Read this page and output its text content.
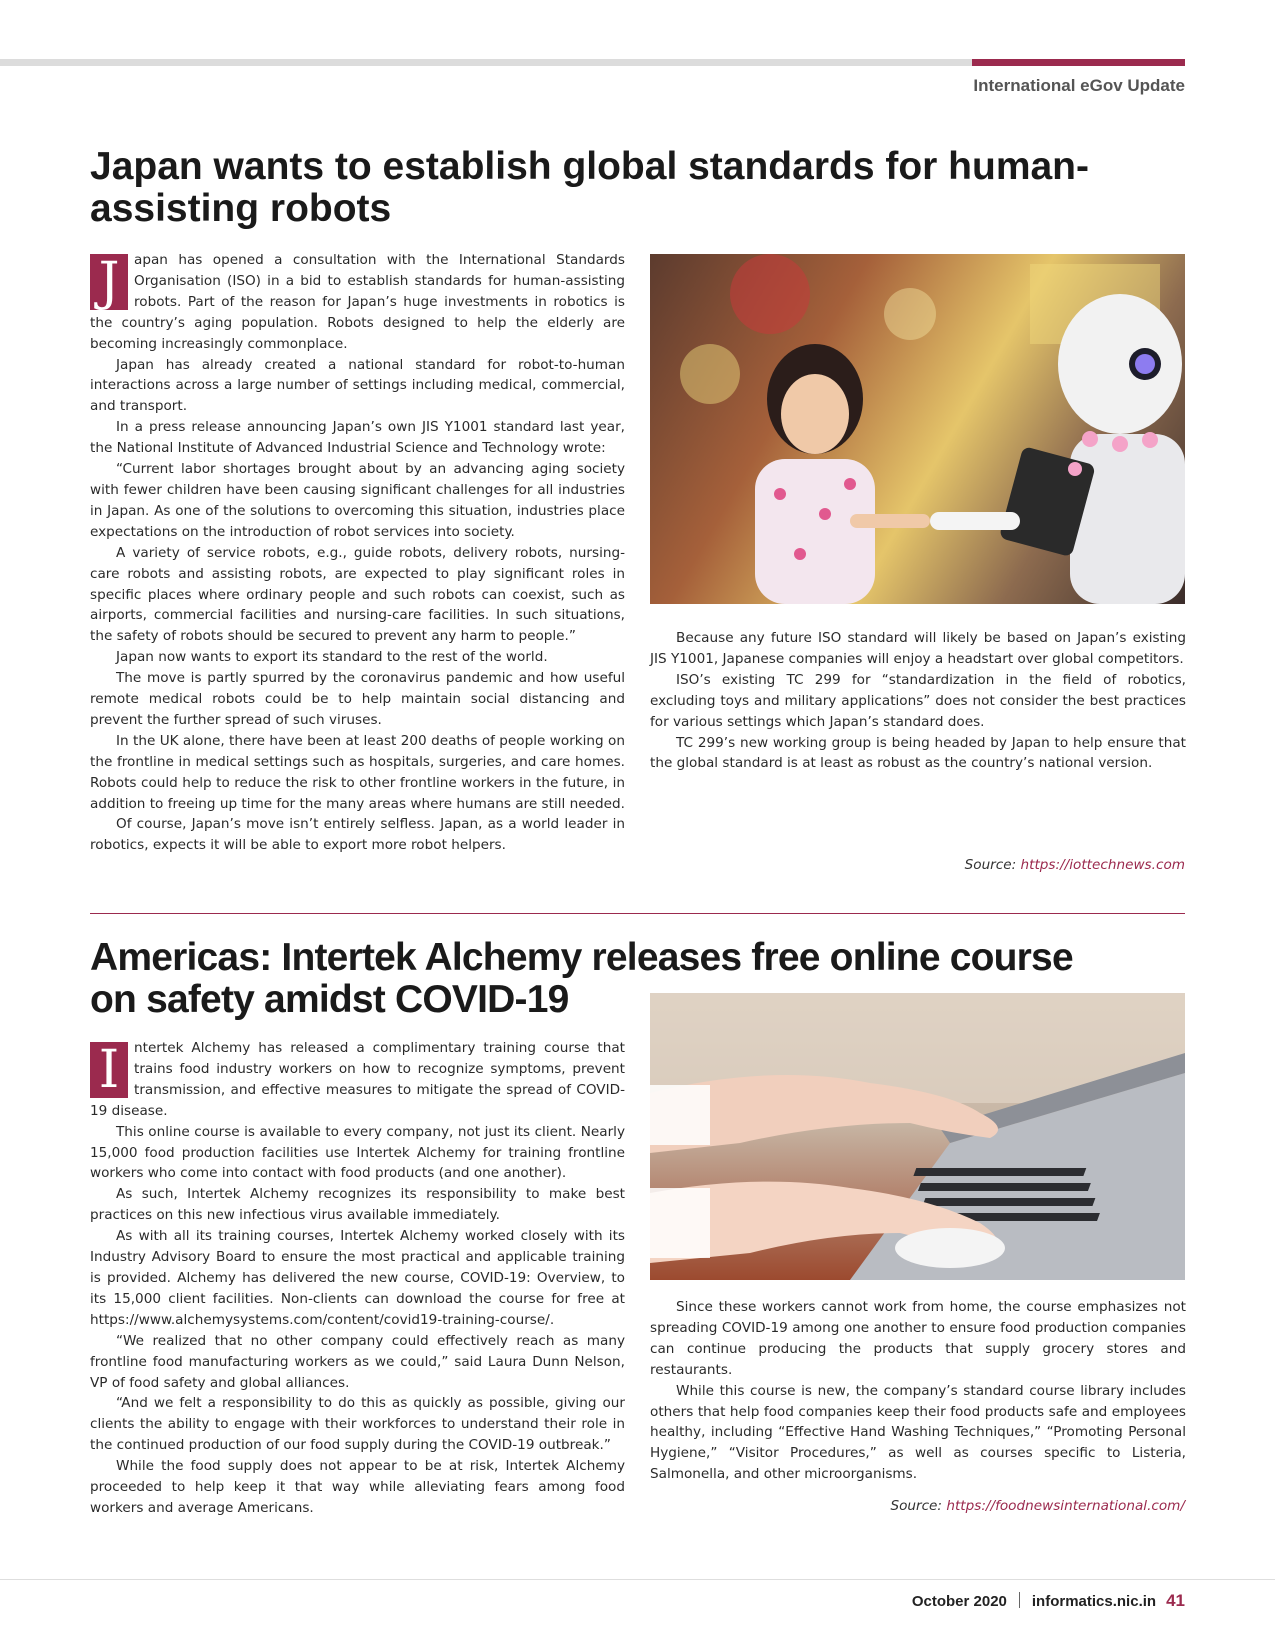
International eGov Update
Japan wants to establish global standards for human-assisting robots

J	apan has opened a consultation with the International Standards Organisation (ISO) in a bid to establish standards for human-assisting robots. Part of the reason for Japan’s huge investments in robotics is the country’s aging population. Robots designed to help the elderly are becoming increasingly commonplace.

Japan has already created a national standard for robot-to-human interactions across a large number of settings including medical, commercial, and transport.

In a press release announcing Japan’s own JIS Y1001 standard last year, the National Institute of Advanced Industrial Science and Technology wrote:

“Current labor shortages brought about by an advancing aging society with fewer children have been causing significant challenges for all industries in Japan. As one of the solutions to overcoming this situation, industries place expectations on the introduction of robot services into society.

A variety of service robots, e.g., guide robots, delivery robots, nursing-care robots and assisting robots, are expected to play significant roles in specific places where ordinary people and such robots can coexist, such as airports, commercial facilities and nursing-care facilities. In such situations, the safety of robots should be secured to prevent any harm to people.”

Japan now wants to export its standard to the rest of the world.

The move is partly spurred by the coronavirus pandemic and how useful remote medical robots could be to help maintain social distancing and prevent the further spread of such viruses.

In the UK alone, there have been at least 200 deaths of people working on the frontline in medical settings such as hospitals, surgeries, and care homes. Robots could help to reduce the risk to other frontline workers in the future, in addition to freeing up time for the many areas where humans are still needed.

Of course, Japan’s move isn’t entirely selfless. Japan, as a world leader in robotics, expects it will be able to export more robot helpers.

Because any future ISO standard will likely be based on Japan’s existing JIS Y1001, Japanese companies will enjoy a headstart over global competitors.

ISO’s existing TC 299 for “standardization in the field of robotics, excluding toys and military applications” does not consider the best practices for various settings which Japan’s standard does.

TC 299’s new working group is being headed by Japan to help ensure that the global standard is at least as robust as the country’s national version.

Source: https://iottechnews.com
Americas: Intertek Alchemy releases free online course on safety amidst COVID-19

I	ntertek Alchemy has released a complimentary training course that trains food industry workers on how to recognize symptoms, prevent transmission, and effective measures to mitigate the spread of COVID-19 disease.

This online course is available to every company, not just its client. Nearly 15,000 food production facilities use Intertek Alchemy for training frontline workers who come into contact with food products (and one another).

As such, Intertek Alchemy recognizes its responsibility to make best practices on this new infectious virus available immediately.

As with all its training courses, Intertek Alchemy worked closely with its Industry Advisory Board to ensure the most practical and applicable training is provided. Alchemy has delivered the new course, COVID-19: Overview, to its 15,000 client facilities. Non-clients can download the course for free at https://www.alchemysystems.com/content/covid19-training-course/.

“We realized that no other company could effectively reach as many frontline food manufacturing workers as we could,” said Laura Dunn Nelson, VP of food safety and global alliances.

“And we felt a responsibility to do this as quickly as possible, giving our clients the ability to engage with their workforces to understand their role in the continued production of our food supply during the COVID-19 outbreak.”

While the food supply does not appear to be at risk, Intertek Alchemy proceeded to help keep it that way while alleviating fears among food workers and average Americans.

Since these workers cannot work from home, the course emphasizes not spreading COVID-19 among one another to ensure food production companies can continue producing the products that supply grocery stores and restaurants.

While this course is new, the company’s standard course library includes others that help food companies keep their food products safe and employees healthy, including “Effective Hand Washing Techniques,” “Promoting Personal Hygiene,” “Visitor Procedures,” as well as courses specific to Listeria, Salmonella, and other microorganisms.

Source: https://foodnewsinternational.com/
October 2020 informatics.nic.in 41
